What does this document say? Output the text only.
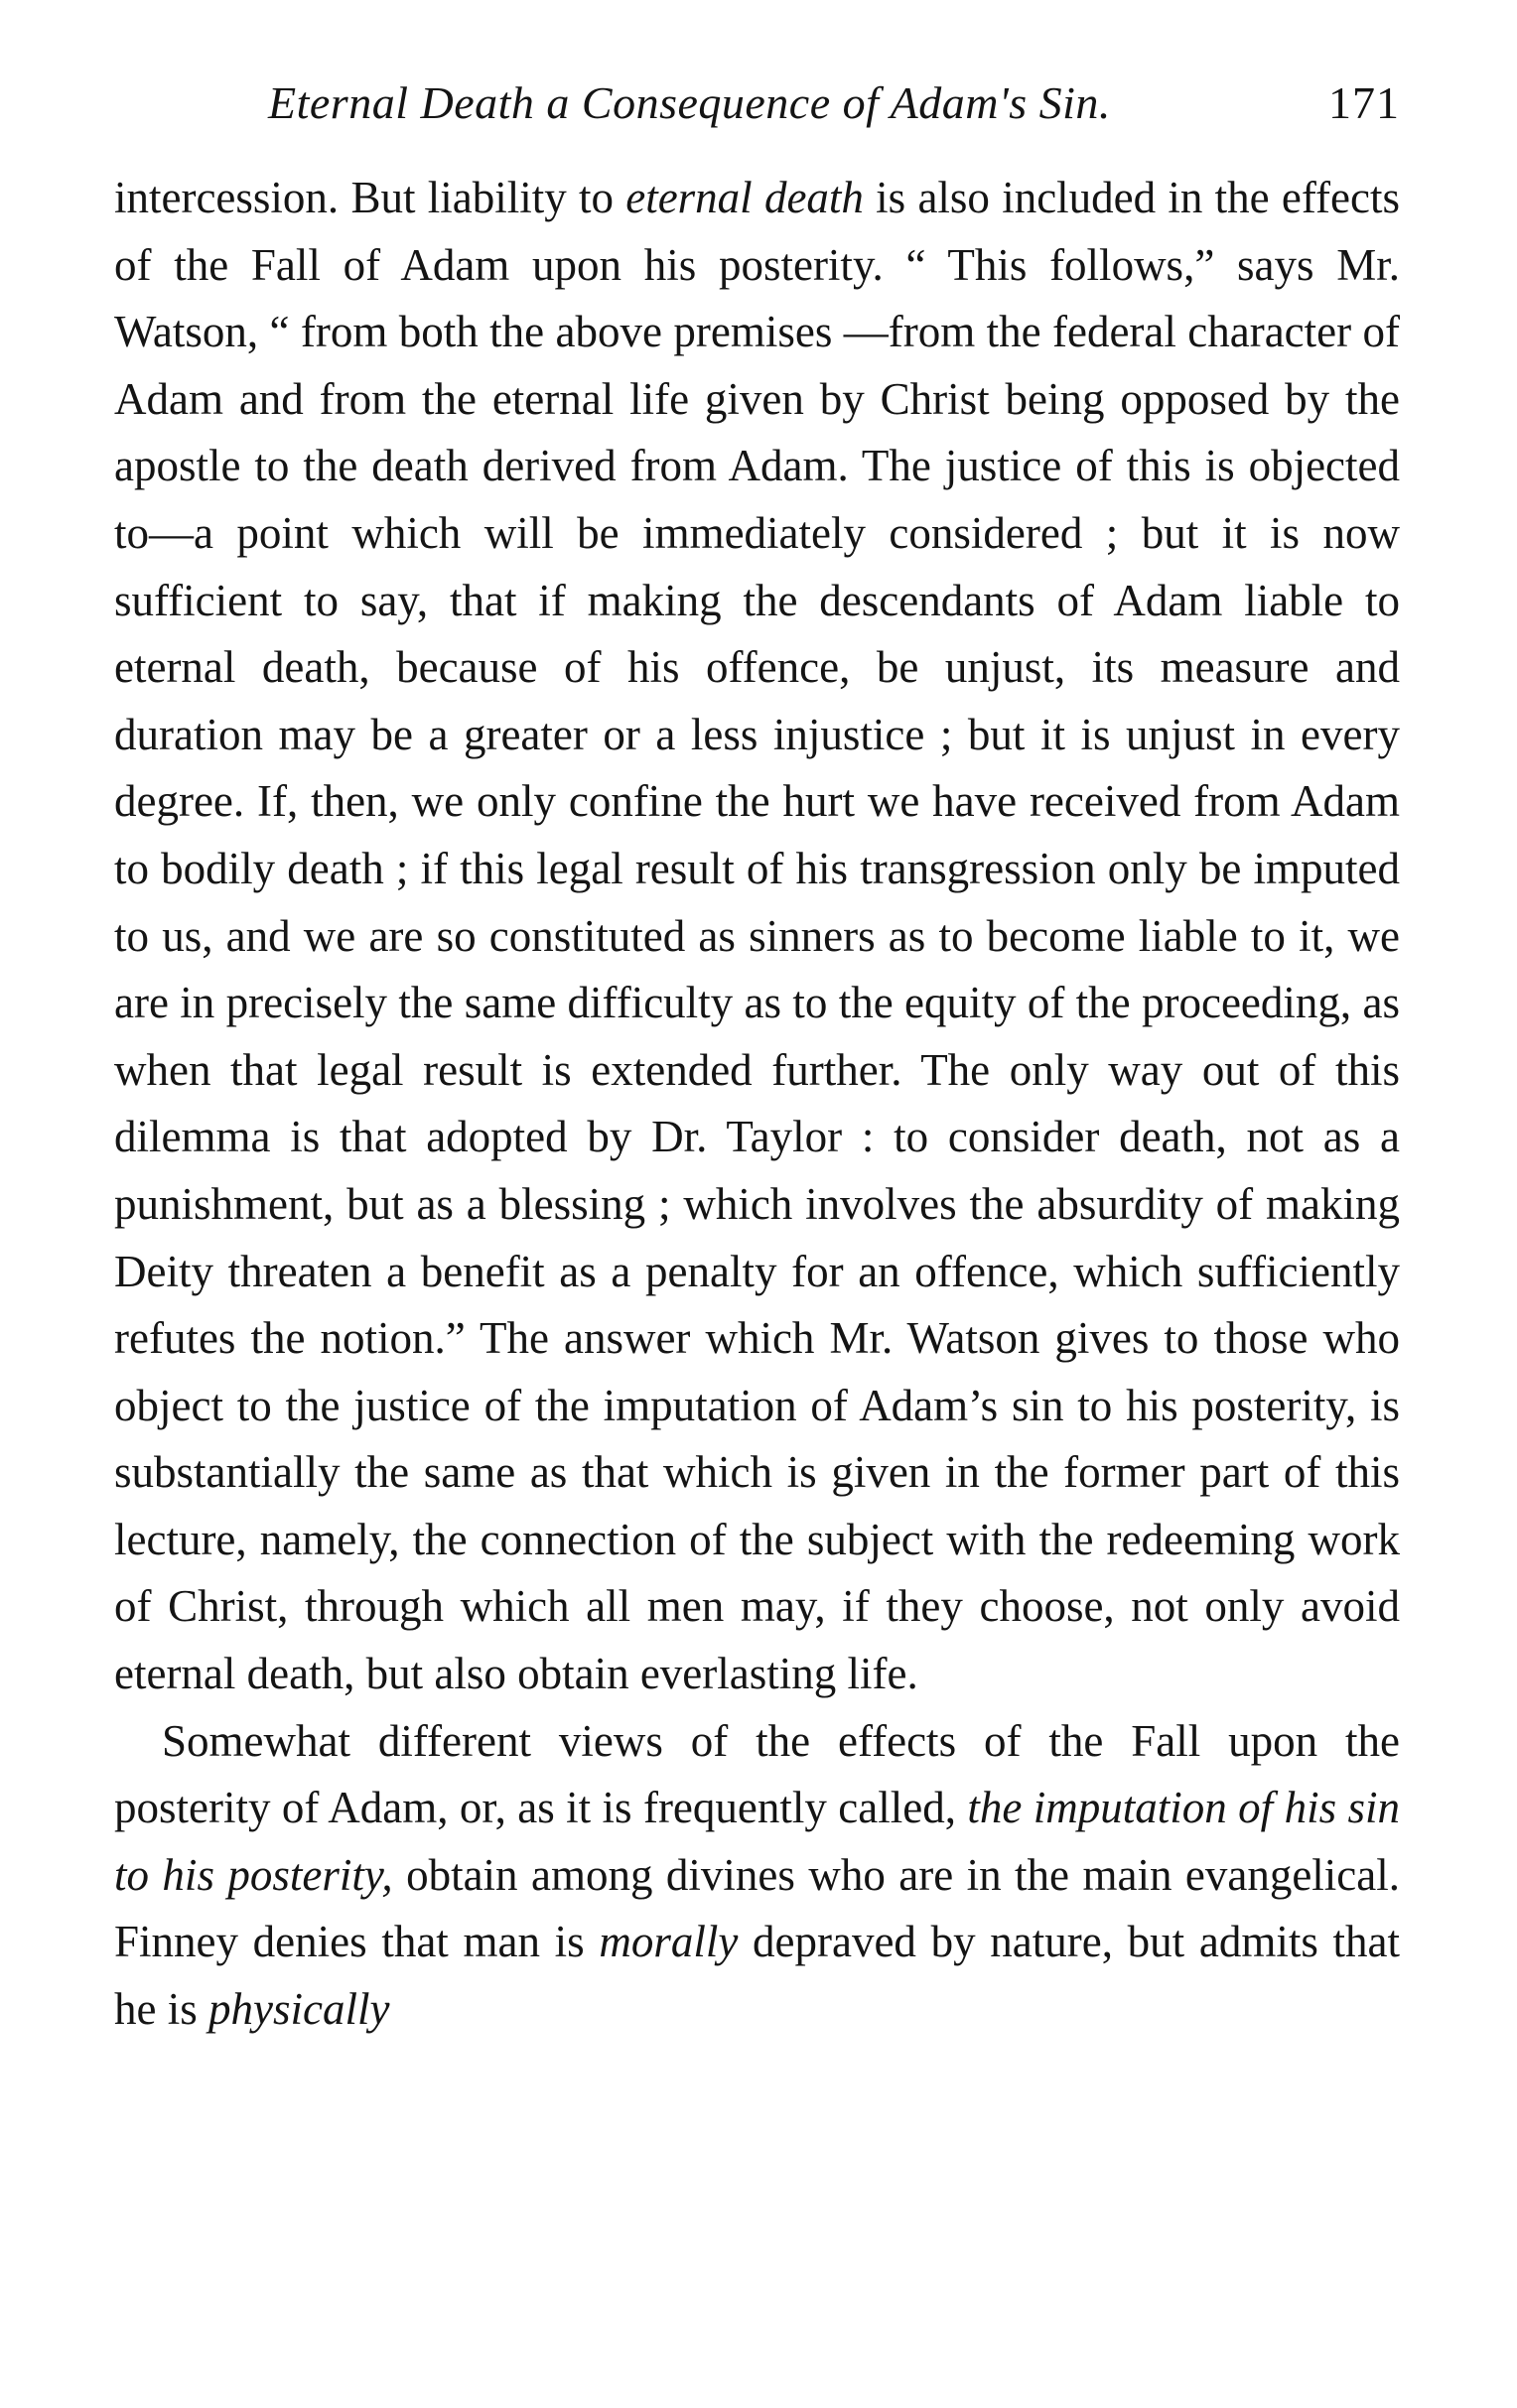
Eternal Death a Consequence of Adam's Sin.	171

intercession. But liability to eternal death is also included in the effects of the Fall of Adam upon his posterity. “ This follows,” says Mr. Watson, “ from both the above premises —from the federal character of Adam and from the eternal life given by Christ being opposed by the apostle to the death derived from Adam. The justice of this is objected to—a point which will be immediately considered ; but it is now sufficient to say, that if making the descendants of Adam liable to eternal death, because of his offence, be unjust, its measure and duration may be a greater or a less injustice ; but it is unjust in every degree. If, then, we only confine the hurt we have received from Adam to bodily death ; if this legal result of his transgression only be imputed to us, and we are so constituted as sinners as to become liable to it, we are in precisely the same difficulty as to the equity of the proceeding, as when that legal result is extended further. The only way out of this dilemma is that adopted by Dr. Taylor : to consider death, not as a punishment, but as a blessing ; which involves the absurdity of making Deity threaten a benefit as a penalty for an offence, which sufficiently refutes the notion.” The answer which Mr. Watson gives to those who object to the justice of the imputation of Adam’s sin to his posterity, is substantially the same as that which is given in the former part of this lecture, namely, the connection of the subject with the redeeming work of Christ, through which all men may, if they choose, not only avoid eternal death, but also obtain everlasting life.

Somewhat different views of the effects of the Fall upon the posterity of Adam, or, as it is frequently called, the imputation of his sin to his posterity, obtain among divines who are in the main evangelical. Finney denies that man is morally depraved by nature, but admits that he is physically
